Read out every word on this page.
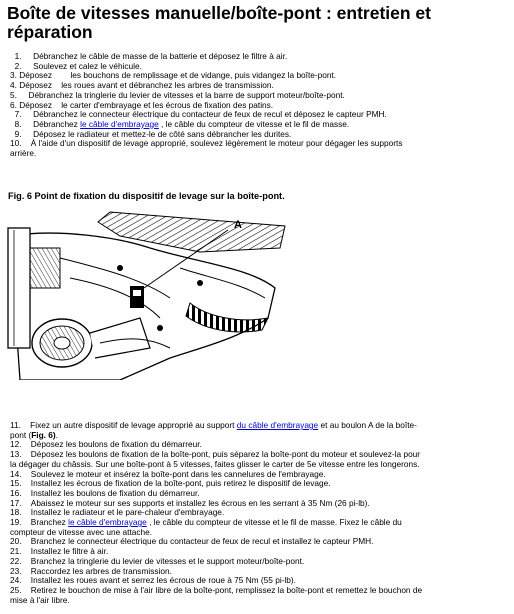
Boîte de vitesses manuelle/boîte-pont : entretien et
réparation
1. Débranchez le câble de masse de la batterie et déposez le filtre à air.
2. Soulevez et calez le véhicule.
3. Déposez les bouchons de remplissage et de vidange, puis vidangez la boîte-pont.
4. Déposez les roues avant et débranchez les arbres de transmission.
5. Débranchez la tringlerie du levier de vitesses et la barre de support moteur/boîte-pont.
6. Déposez le carter d'embrayage et les écrous de fixation des patins.
7. Débranchez le connecteur électrique du contacteur de feux de recul et déposez le capteur PMH.
8. Débranchez le câble d'embrayage , le câble du compteur de vitesse et le fil de masse.
9. Déposez le radiateur et mettez-le de côté sans débrancher les durites.
10. À l'aide d'un dispositif de levage approprié, soulevez légèrement le moteur pour dégager les supports
arrière.
Fig. 6 Point de fixation du dispositif de levage sur la boîte-pont.
A
11. Fixez un autre dispositif de levage approprié au support du câble d'embrayage et au boulon A de la boîte-
pont (Fig. 6).
12. Déposez les boulons de fixation du démarreur.
13. Déposez les boulons de fixation de la boîte-pont, puis séparez la boîte-pont du moteur et soulevez-la pour
la dégager du châssis. Sur une boîte-pont à 5 vitesses, faites glisser le carter de 5e vitesse entre les longerons.
14. Soulevez le moteur et insérez la boîte-pont dans les cannelures de l'embrayage.
15. Installez les écrous de fixation de la boîte-pont, puis retirez le dispositif de levage.
16. Installez les boulons de fixation du démarreur.
17. Abaissez le moteur sur ses supports et installez les écrous en les serrant à 35 Nm (26 pi-lb).
18. Installez le radiateur et le pare-chaleur d'embrayage.
19. Branchez le câble d'embrayage , le câble du compteur de vitesse et le fil de masse. Fixez le câble du
compteur de vitesse avec une attache.
20. Branchez le connecteur électrique du contacteur de feux de recul et installez le capteur PMH.
21. Installez le filtre à air.
22. Branchez la tringlerie du levier de vitesses et le support moteur/boîte-pont.
23. Raccordez les arbres de transmission.
24. Installez les roues avant et serrez les écrous de roue à 75 Nm (55 pi-lb).
25. Retirez le bouchon de mise à l'air libre de la boîte-pont, remplissez la boîte-pont et remettez le bouchon de
mise à l'air libre.
